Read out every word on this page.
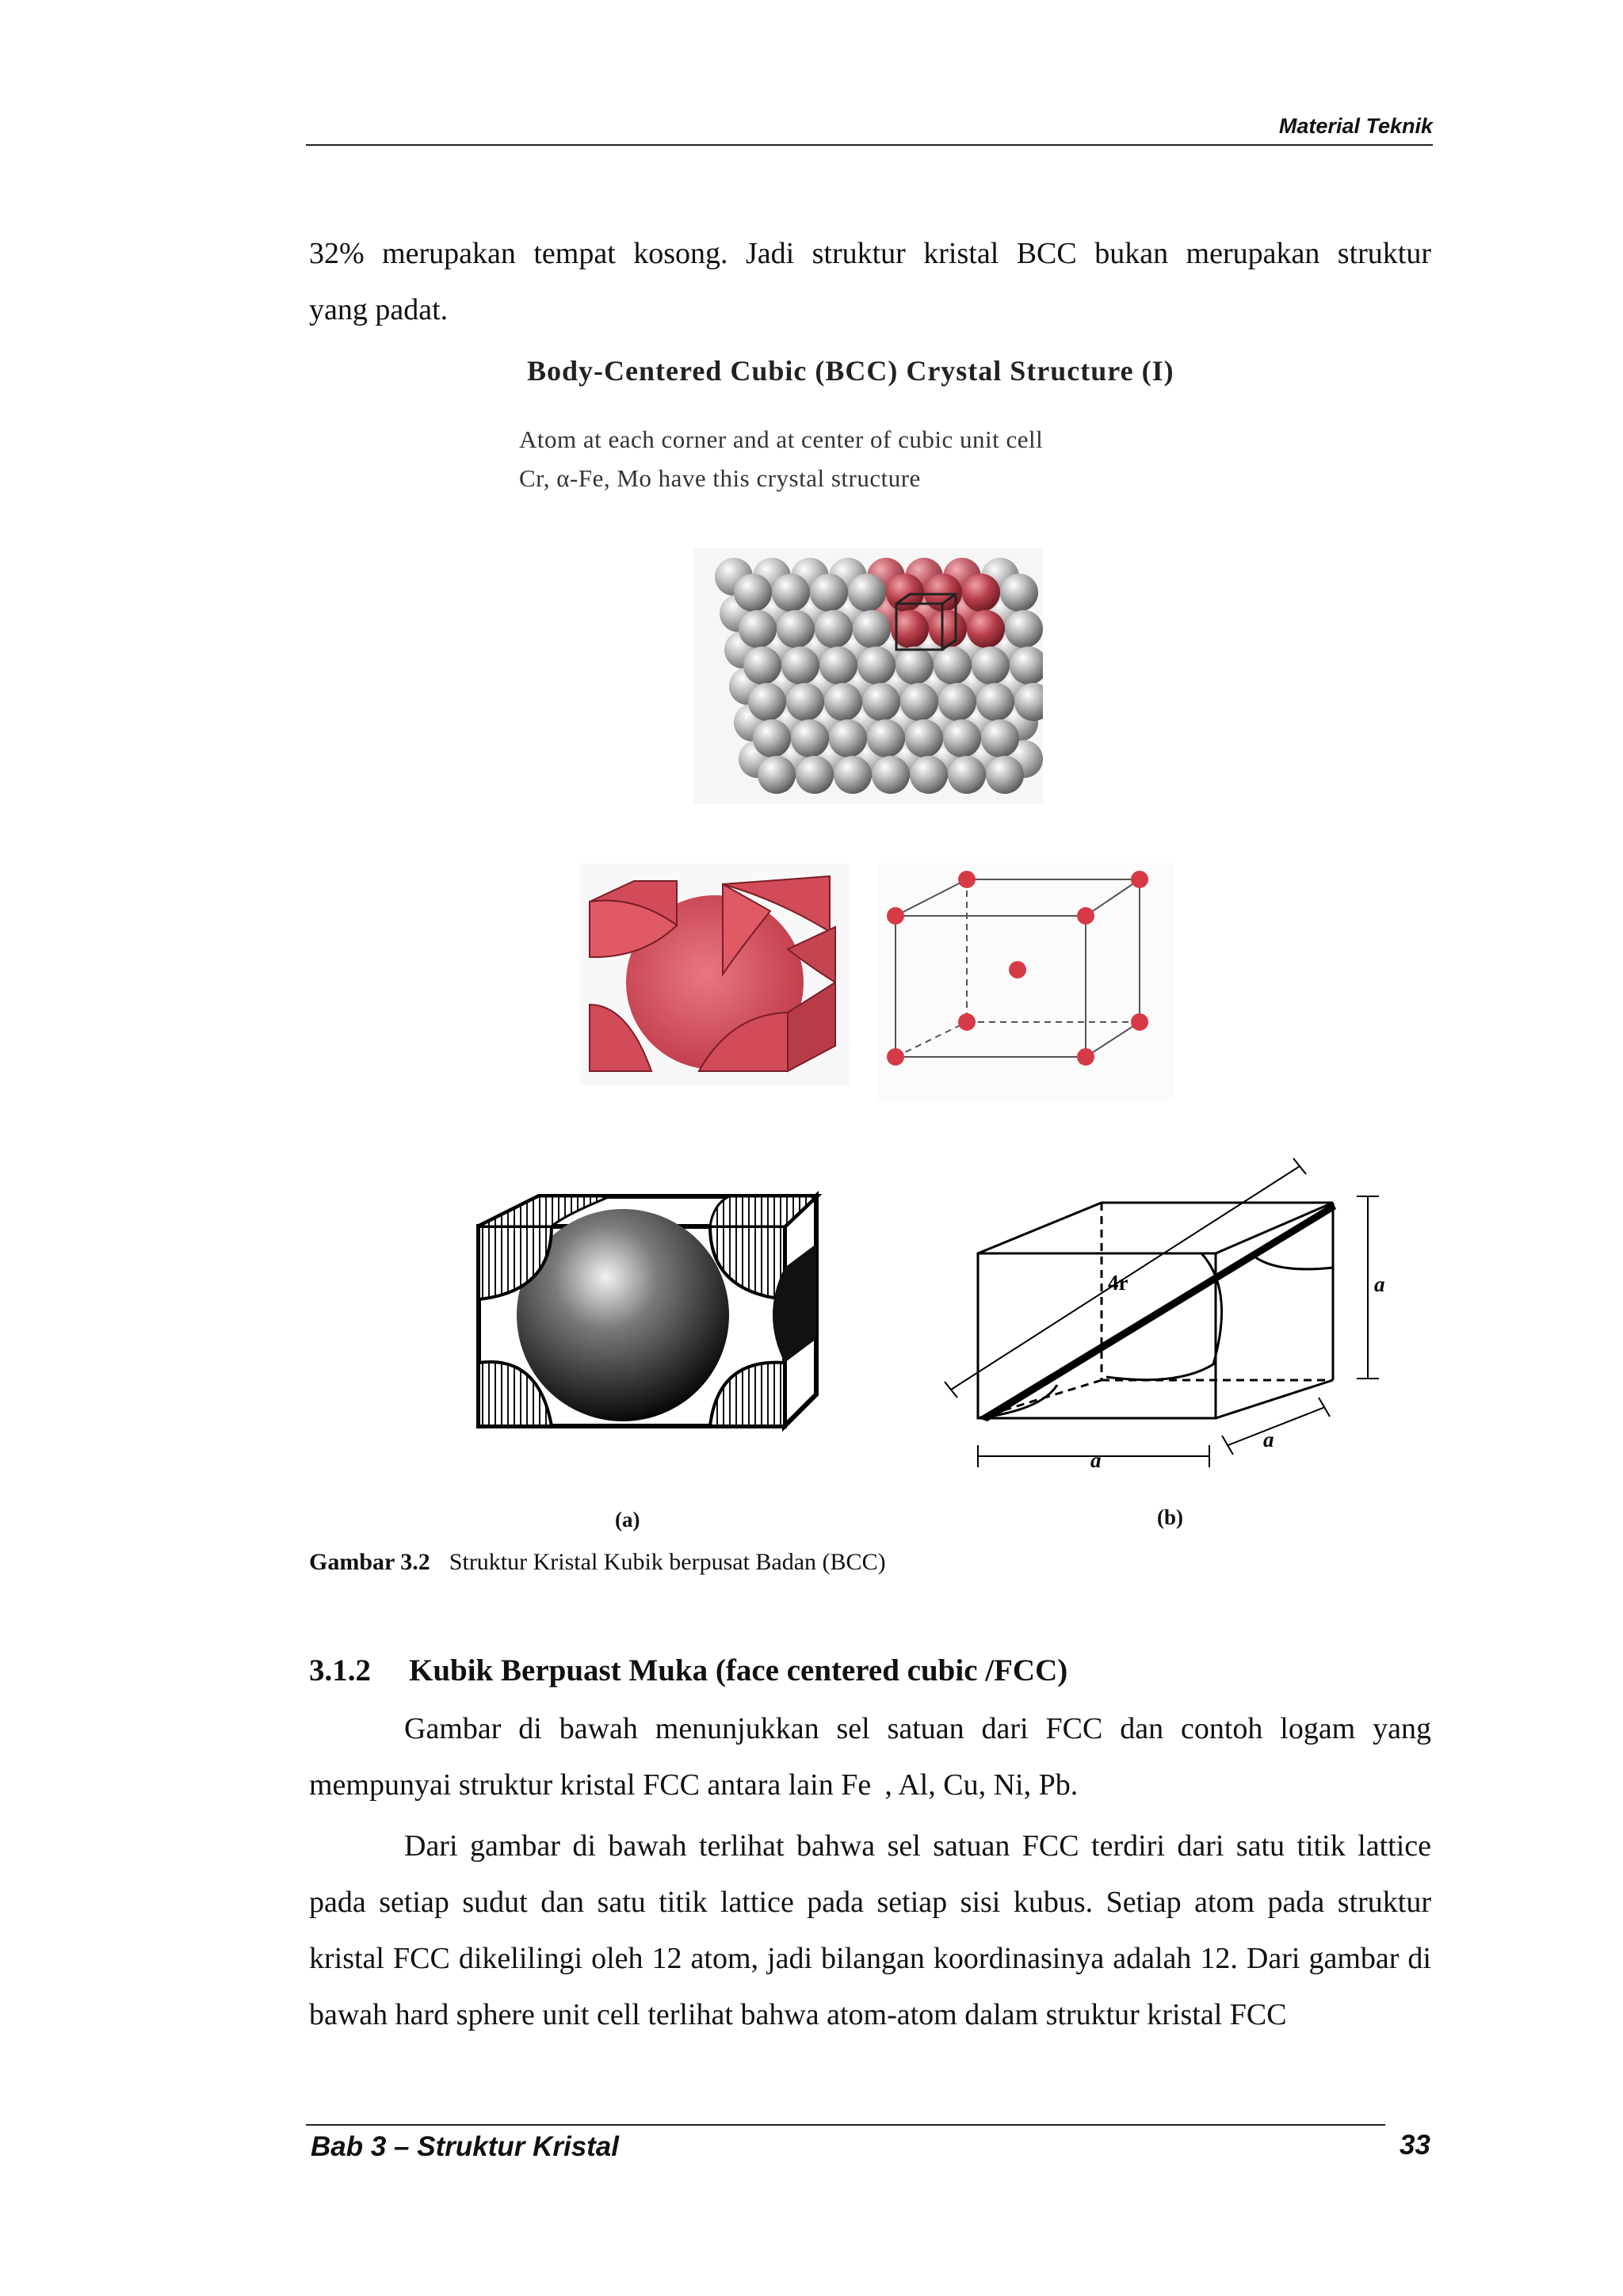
Material Teknik
32% merupakan tempat kosong. Jadi struktur kristal BCC bukan merupakan struktur
yang padat.
Body-Centered Cubic (BCC) Crystal Structure (I)
Atom at each corner and at center of cubic unit cell
Cr, α-Fe, Mo have this crystal structure
4r	a
a
a
(a)	(b)
Gambar 3.2 Struktur Kristal Kubik berpusat Badan (BCC)
3.1.2 Kubik Berpuast Muka (face centered cubic /FCC)

Gambar di bawah menunjukkan sel satuan dari FCC dan contoh logam yang mempunyai struktur kristal FCC antara lain Fe  , Al, Cu, Ni, Pb.

Dari gambar di bawah terlihat bahwa sel satuan FCC terdiri dari satu titik lattice pada setiap sudut dan satu titik lattice pada setiap sisi kubus. Setiap atom pada struktur kristal FCC dikelilingi oleh 12 atom, jadi bilangan koordinasinya adalah 12. Dari gambar di bawah hard sphere unit cell terlihat bahwa atom-atom dalam struktur kristal FCC

Bab 3 – Struktur Kristal	33
